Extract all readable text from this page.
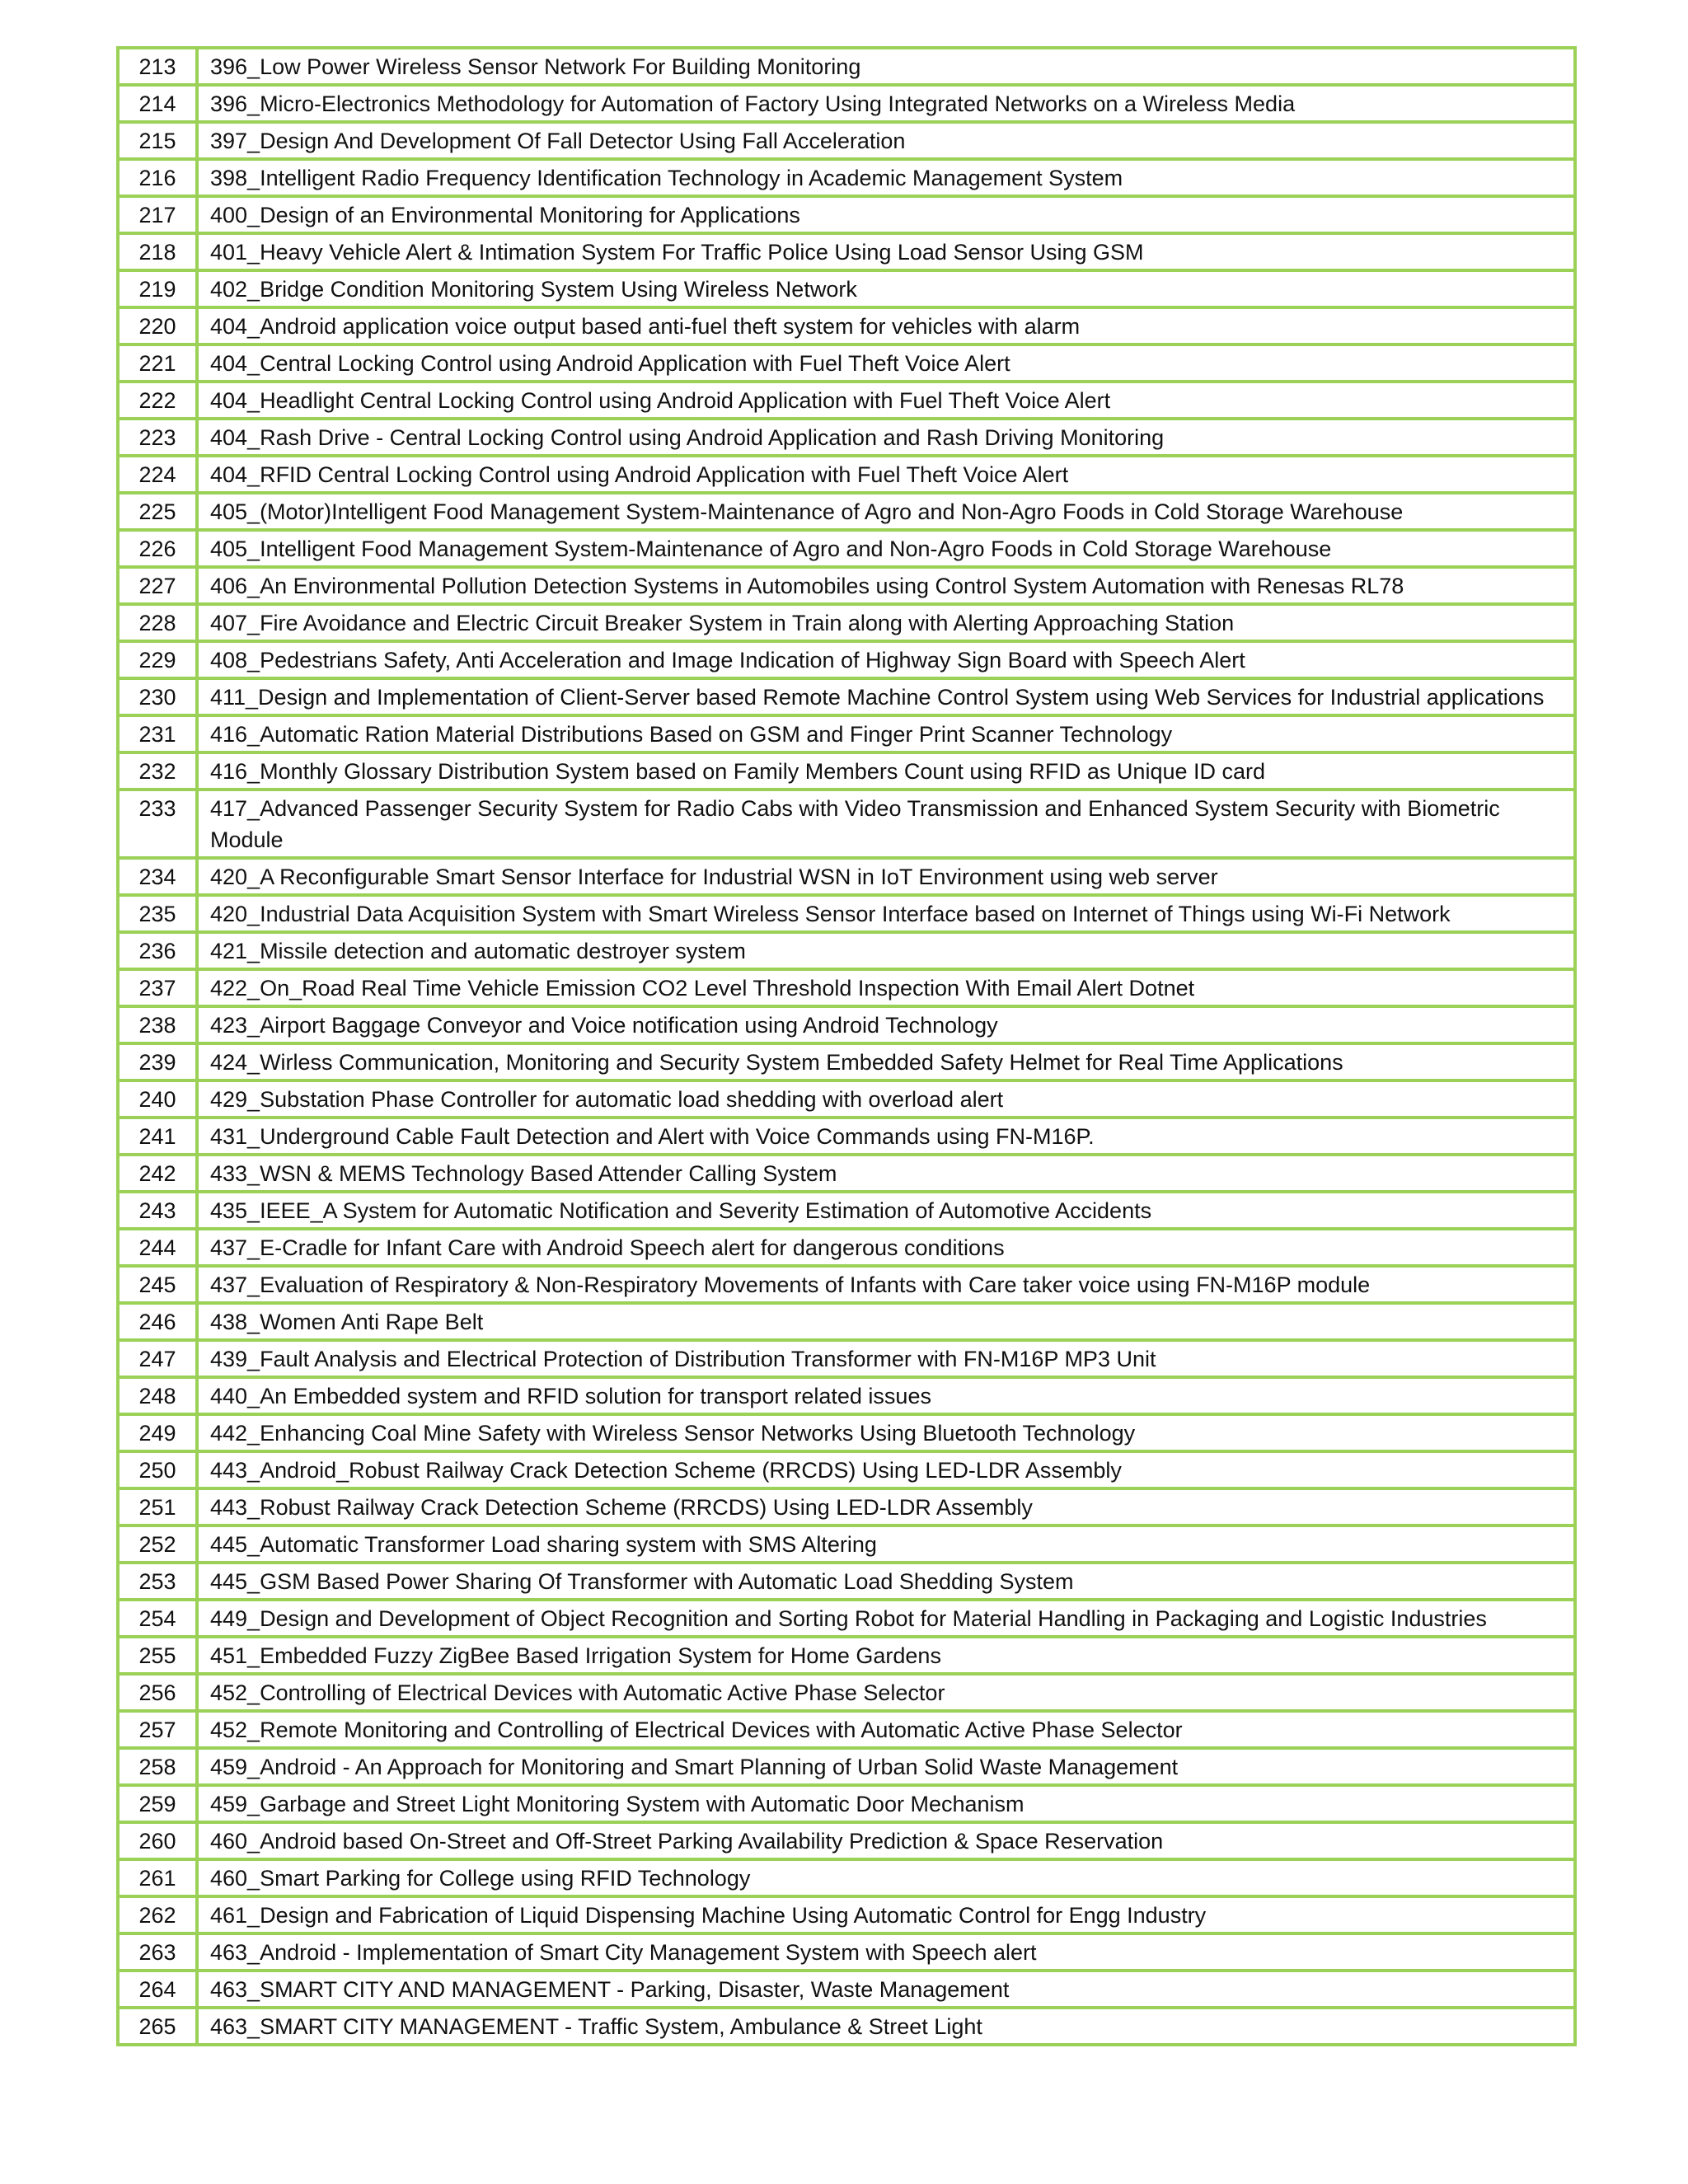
213	396_Low Power Wireless Sensor Network For Building Monitoring
214	396_Micro-Electronics Methodology for Automation of Factory Using Integrated Networks on a Wireless Media
215	397_Design And Development Of Fall Detector Using Fall Acceleration
216	398_Intelligent Radio Frequency Identification Technology in Academic Management System
217	400_Design of an Environmental Monitoring for Applications
218	401_Heavy Vehicle Alert & Intimation System For Traffic Police Using Load Sensor Using GSM
219	402_Bridge Condition Monitoring System Using Wireless Network
220	404_Android application voice output based anti-fuel theft system for vehicles with alarm
221	404_Central Locking Control using Android Application with Fuel Theft Voice Alert
222	404_Headlight Central Locking Control using Android Application with Fuel Theft Voice Alert
223	404_Rash Drive - Central Locking Control using Android Application and Rash Driving Monitoring
224	404_RFID Central Locking Control using Android Application with Fuel Theft Voice Alert
225	405_(Motor)Intelligent Food Management System-Maintenance of Agro and Non-Agro Foods in Cold Storage Warehouse
226	405_Intelligent Food Management System-Maintenance of Agro and Non-Agro Foods in Cold Storage Warehouse
227	406_An Environmental Pollution Detection Systems in Automobiles using Control System Automation with Renesas RL78
228	407_Fire Avoidance and Electric Circuit Breaker System in Train along with Alerting Approaching Station
229	408_Pedestrians Safety, Anti Acceleration and Image Indication of Highway Sign Board with Speech Alert
230	411_Design and Implementation of Client-Server based Remote Machine Control System using Web Services for Industrial applications
231	416_Automatic Ration Material Distributions Based on GSM and Finger Print Scanner Technology
232	416_Monthly Glossary Distribution System based on Family Members Count using RFID as Unique ID card
233	417_Advanced Passenger Security System for Radio Cabs with Video Transmission and Enhanced System Security with Biometric Module
234	420_A Reconfigurable Smart Sensor Interface for Industrial WSN in IoT Environment using web server
235	420_Industrial Data Acquisition System with Smart Wireless Sensor Interface based on Internet of Things using Wi-Fi Network
236	421_Missile detection and automatic destroyer system
237	422_On_Road Real Time Vehicle Emission CO2 Level Threshold Inspection With Email Alert Dotnet
238	423_Airport Baggage Conveyor and Voice notification using Android Technology
239	424_Wirless Communication, Monitoring and Security System Embedded Safety Helmet for Real Time Applications
240	429_Substation Phase Controller for automatic load shedding with overload alert
241	431_Underground Cable Fault Detection and Alert with Voice Commands using FN-M16P.
242	433_WSN & MEMS Technology Based Attender Calling System
243	435_IEEE_A System for Automatic Notification and Severity Estimation of Automotive Accidents
244	437_E-Cradle for Infant Care with Android Speech alert for dangerous conditions
245	437_Evaluation of Respiratory & Non-Respiratory Movements of Infants with Care taker voice using FN-M16P module
246	438_Women Anti Rape Belt
247	439_Fault Analysis and Electrical Protection of Distribution Transformer with FN-M16P MP3 Unit
248	440_An Embedded system and RFID solution for transport related issues
249	442_Enhancing Coal Mine Safety with Wireless Sensor Networks Using Bluetooth Technology
250	443_Android_Robust Railway Crack Detection Scheme (RRCDS) Using LED-LDR Assembly
251	443_Robust Railway Crack Detection Scheme (RRCDS) Using LED-LDR Assembly
252	445_Automatic Transformer Load sharing system with SMS Altering
253	445_GSM Based Power Sharing Of Transformer with Automatic Load Shedding System
254	449_Design and Development of Object Recognition and Sorting Robot for Material Handling in Packaging and Logistic Industries
255	451_Embedded Fuzzy ZigBee Based Irrigation System for Home Gardens
256	452_Controlling of Electrical Devices with Automatic Active Phase Selector
257	452_Remote Monitoring and Controlling of Electrical Devices with Automatic Active Phase Selector
258	459_Android - An Approach for Monitoring and Smart Planning of Urban Solid Waste Management
259	459_Garbage and Street Light Monitoring System with Automatic Door Mechanism
260	460_Android based On-Street and Off-Street Parking Availability Prediction & Space Reservation
261	460_Smart Parking for College using RFID Technology
262	461_Design and Fabrication of Liquid Dispensing Machine Using Automatic Control for Engg Industry
263	463_Android - Implementation of Smart City Management System with Speech alert
264	463_SMART CITY AND MANAGEMENT - Parking, Disaster, Waste Management
265	463_SMART CITY MANAGEMENT - Traffic System, Ambulance & Street Light
